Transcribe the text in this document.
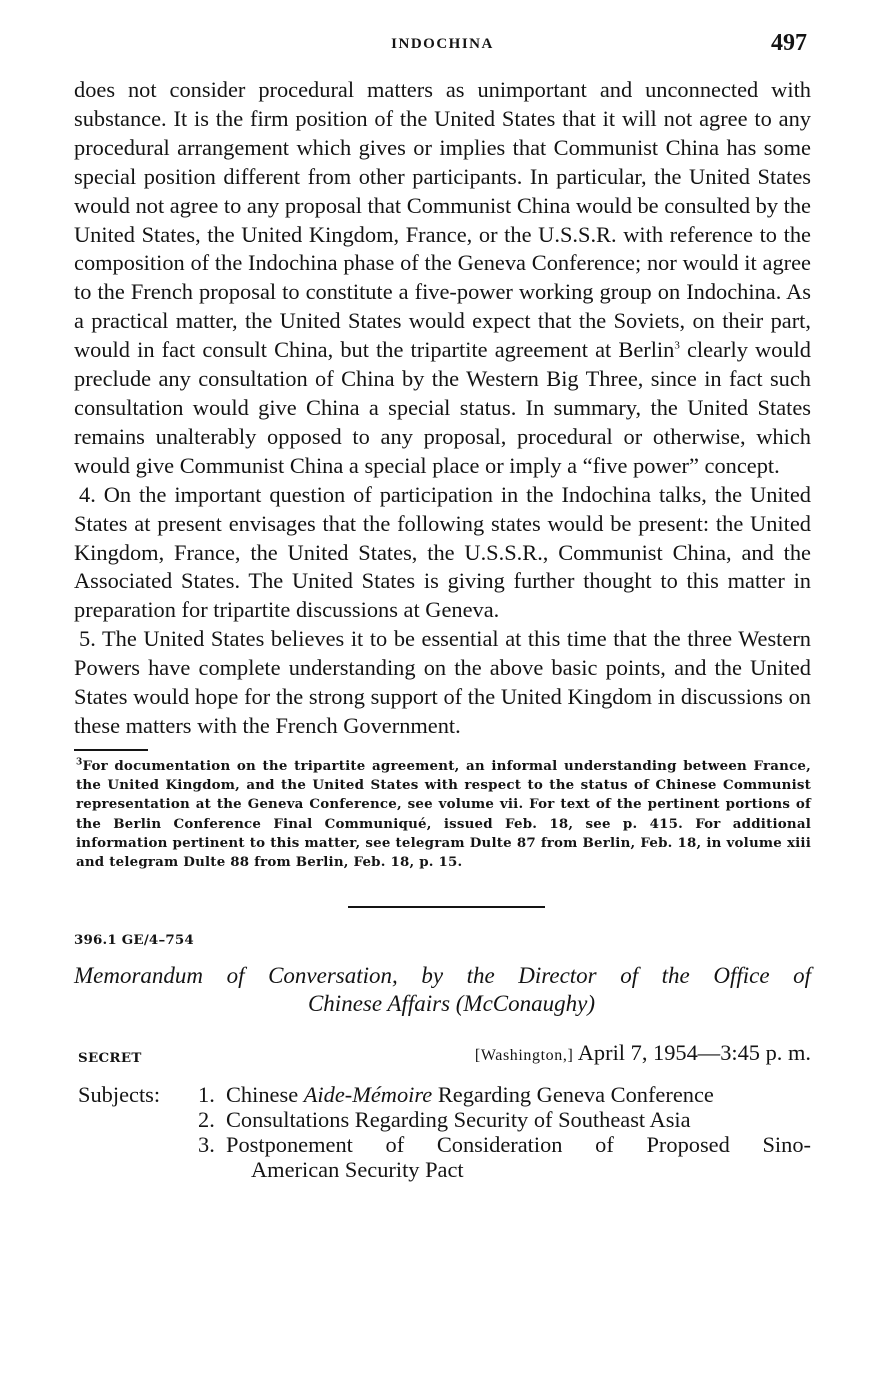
INDOCHINA	497

does not consider procedural matters as unimportant and unconnected with substance. It is the firm position of the United States that it will not agree to any procedural arrangement which gives or implies that Communist China has some special position different from other participants. In particular, the United States would not agree to any proposal that Communist China would be consulted by the United States, the United Kingdom, France, or the U.S.S.R. with reference to the composition of the Indochina phase of the Geneva Conference; nor would it agree to the French proposal to constitute a five-power working group on Indochina. As a practical matter, the United States would expect that the Soviets, on their part, would in fact consult China, but the tripartite agreement at Berlin$^3$ clearly would preclude any consultation of China by the Western Big Three, since in fact such consultation would give China a special status. In summary, the United States remains unalterably opposed to any proposal, procedural or otherwise, which would give Communist China a special place or imply a “five power” concept.

4. On the important question of participation in the Indochina talks, the United States at present envisages that the following states would be present: the United Kingdom, France, the United States, the U.S.S.R., Communist China, and the Associated States. The United States is giving further thought to this matter in preparation for tripartite discussions at Geneva.

5. The United States believes it to be essential at this time that the three Western Powers have complete understanding on the above basic points, and the United States would hope for the strong support of the United Kingdom in discussions on these matters with the French Government.

$^3$For documentation on the tripartite agreement, an informal understanding between France, the United Kingdom, and the United States with respect to the status of Chinese Communist representation at the Geneva Conference, see volume vii. For text of the pertinent portions of the Berlin Conference Final Communiqué, issued Feb. 18, see p. 415. For additional information pertinent to this matter, see telegram Dulte 87 from Berlin, Feb. 18, in volume xiii and telegram Dulte 88 from Berlin, Feb. 18, p. 15.

396.1 GE/4–754
Memorandum of Conversation, by the Director of the Office of
Chinese Affairs (McConaughy)
SECRET	[Washington,] April 7, 1954—3:45 p. m.
Subjects: 1. Chinese Aide-Mémoire Regarding Geneva Conference
2. Consultations Regarding Security of Southeast Asia
3. Postponement of Consideration of Proposed Sino-
American Security Pact
